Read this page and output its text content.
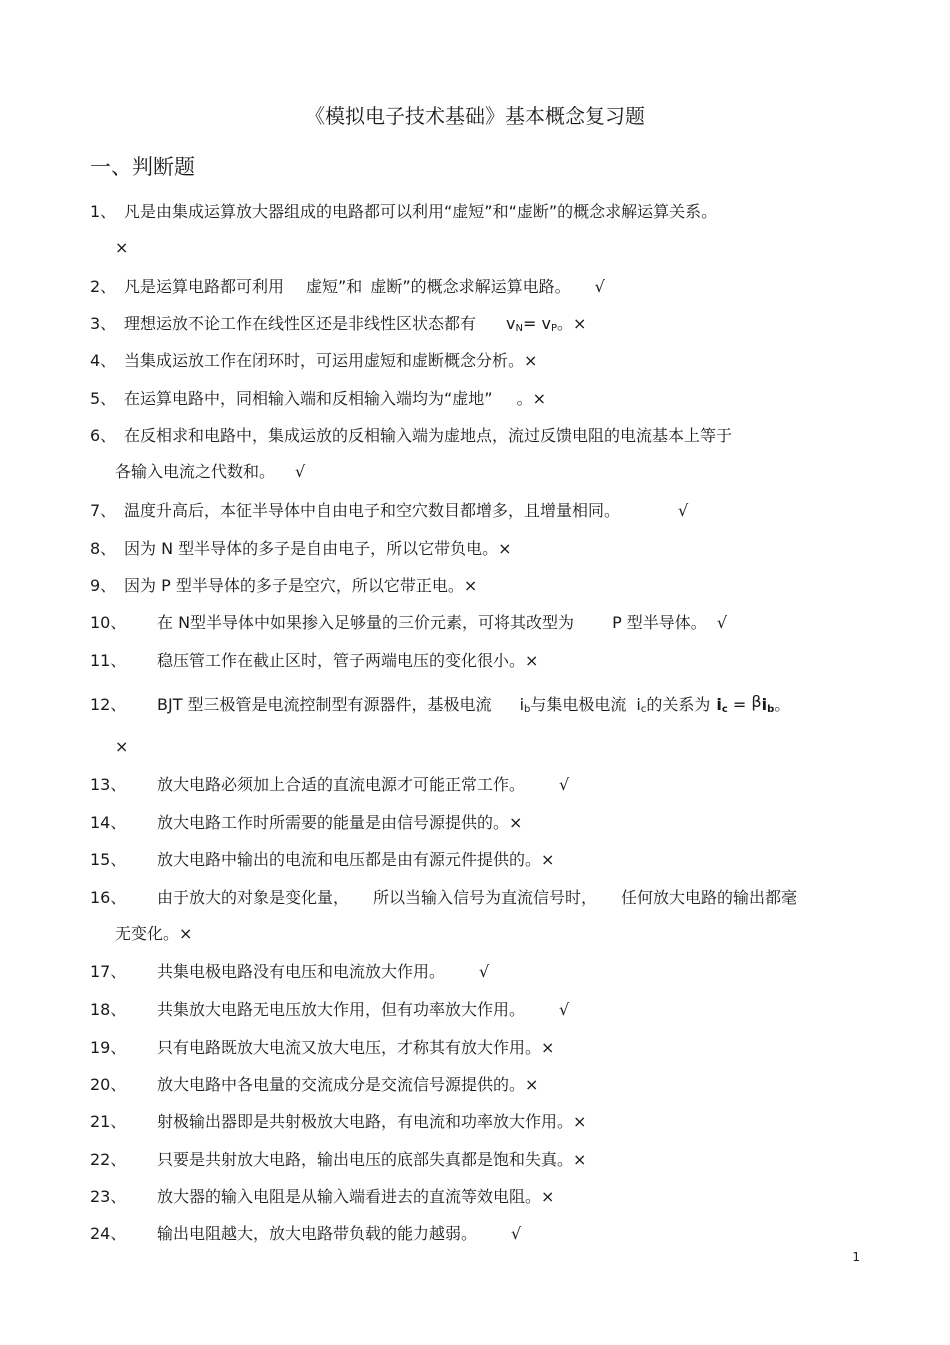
《模拟电子技术基础》基本概念复习题
一、判断题
1、 凡是由集成运算放大器组成的电路都可以利用“虚短”和“虚断”的概念求解运算关系。
×
2、 凡是运算电路都可利用 虚短”和 虚断”的概念求解运算电路。 √
3、 理想运放不论工作在线性区还是非线性区状态都有 $v_N= v_P$。×
4、 当集成运放工作在闭环时，可运用虚短和虚断概念分析。×
5、 在运算电路中，同相输入端和反相输入端均为“虚地” 。×
6、 在反相求和电路中，集成运放的反相输入端为虚地点，流过反馈电阻的电流基本上等于
各输入电流之代数和。 √
7、 温度升高后，本征半导体中自由电子和空穴数目都增多，且增量相同。	√
8、 因为 N 型半导体的多子是自由电子，所以它带负电。×
9、 因为 P 型半导体的多子是空穴，所以它带正电。×
10、 在 N型半导体中如果掺入足够量的三价元素，可将其改型为 P 型半导体。 √
11、 稳压管工作在截止区时，管子两端电压的变化很小。×
12、 BJT 型三极管是电流控制型有源器件，基极电流 $i_b$与集电极电流 $i_c$的关系为 $i_c = \beta i_b$。
×
13、 放大电路必须加上合适的直流电源才可能正常工作。 √
14、 放大电路工作时所需要的能量是由信号源提供的。×
15、 放大电路中输出的电流和电压都是由有源元件提供的。×
16、 由于放大的对象是变化量， 所以当输入信号为直流信号时， 任何放大电路的输出都毫
无变化。×
17、 共集电极电路没有电压和电流放大作用。 √
18、 共集放大电路无电压放大作用，但有功率放大作用。 √
19、 只有电路既放大电流又放大电压，才称其有放大作用。×
20、 放大电路中各电量的交流成分是交流信号源提供的。×
21、 射极输出器即是共射极放大电路，有电流和功率放大作用。×
22、 只要是共射放大电路，输出电压的底部失真都是饱和失真。×
23、 放大器的输入电阻是从输入端看进去的直流等效电阻。×
24、 输出电阻越大，放大电路带负载的能力越弱。 √
1
